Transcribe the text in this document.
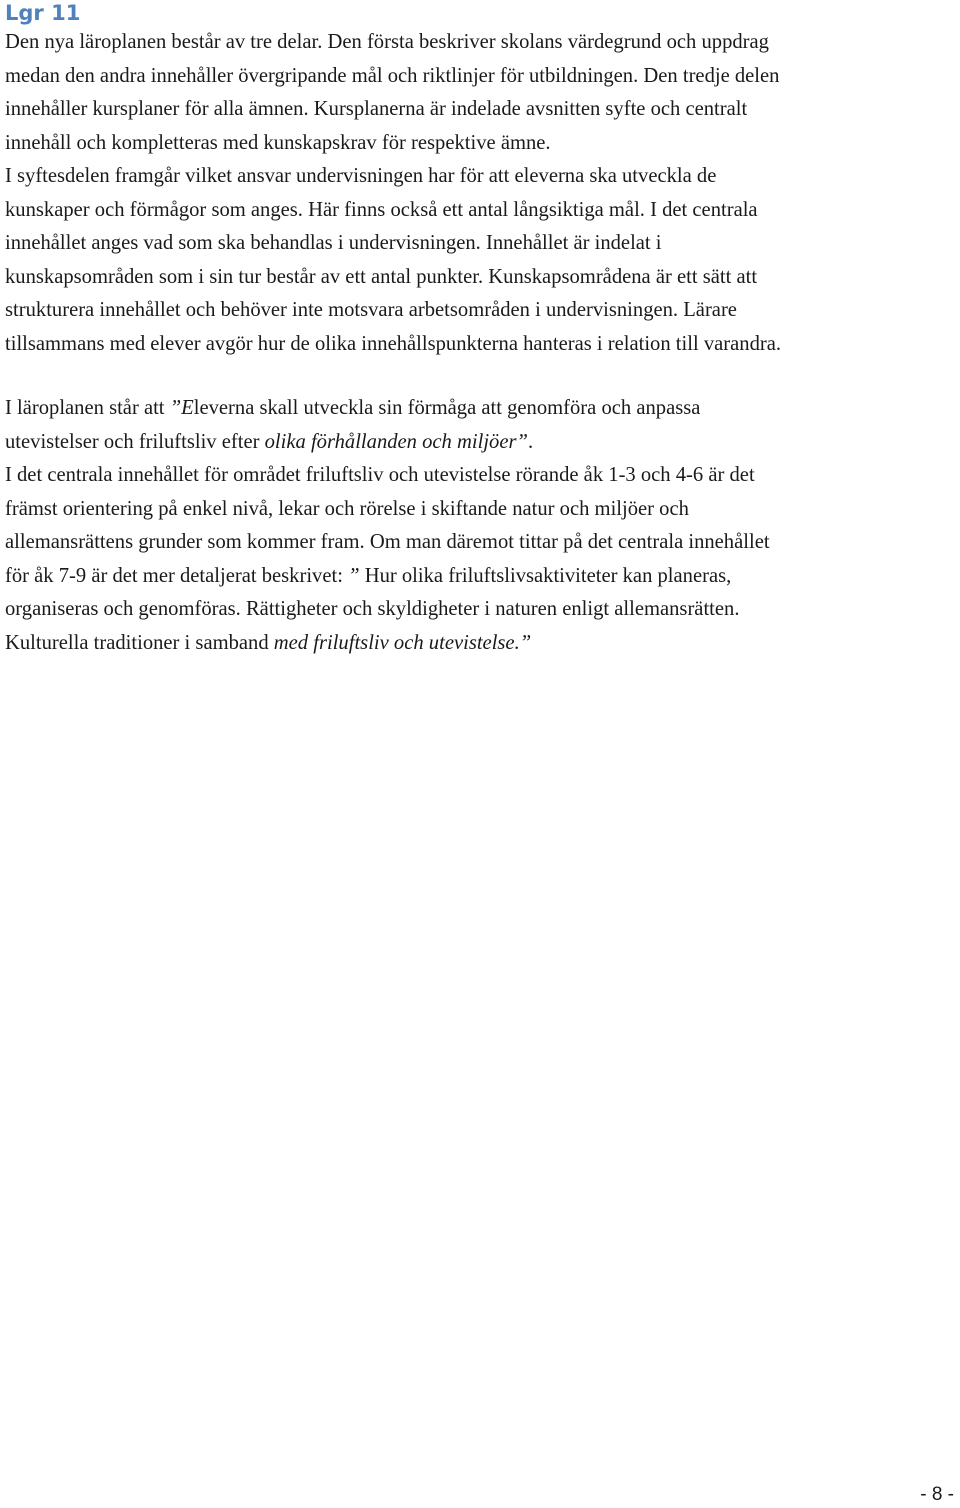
Lgr 11

Den nya läroplanen består av tre delar. Den första beskriver skolans värdegrund och uppdrag
medan den andra innehåller övergripande mål och riktlinjer för utbildningen. Den tredje delen
innehåller kursplaner för alla ämnen. Kursplanerna är indelade avsnitten syfte och centralt
innehåll och kompletteras med kunskapskrav för respektive ämne.
I syftesdelen framgår vilket ansvar undervisningen har för att eleverna ska utveckla de
kunskaper och förmågor som anges. Här finns också ett antal långsiktiga mål. I det centrala
innehållet anges vad som ska behandlas i undervisningen. Innehållet är indelat i
kunskapsområden som i sin tur består av ett antal punkter. Kunskapsområdena är ett sätt att
strukturera innehållet och behöver inte motsvara arbetsområden i undervisningen. Lärare
tillsammans med elever avgör hur de olika innehållspunkterna hanteras i relation till varandra.

I läroplanen står att ”Eleverna skall utveckla sin förmåga att genomföra och anpassa
utevistelser och friluftsliv efter olika förhållanden och miljöer”.
I det centrala innehållet för området friluftsliv och utevistelse rörande åk 1-3 och 4-6 är det
främst orientering på enkel nivå, lekar och rörelse i skiftande natur och miljöer och
allemansrättens grunder som kommer fram. Om man däremot tittar på det centrala innehållet
för åk 7-9 är det mer detaljerat beskrivet: ” Hur olika friluftslivsaktiviteter kan planeras,
organiseras och genomföras. Rättigheter och skyldigheter i naturen enligt allemansrätten.
Kulturella traditioner i samband med friluftsliv och utevistelse.”

- 8 -
